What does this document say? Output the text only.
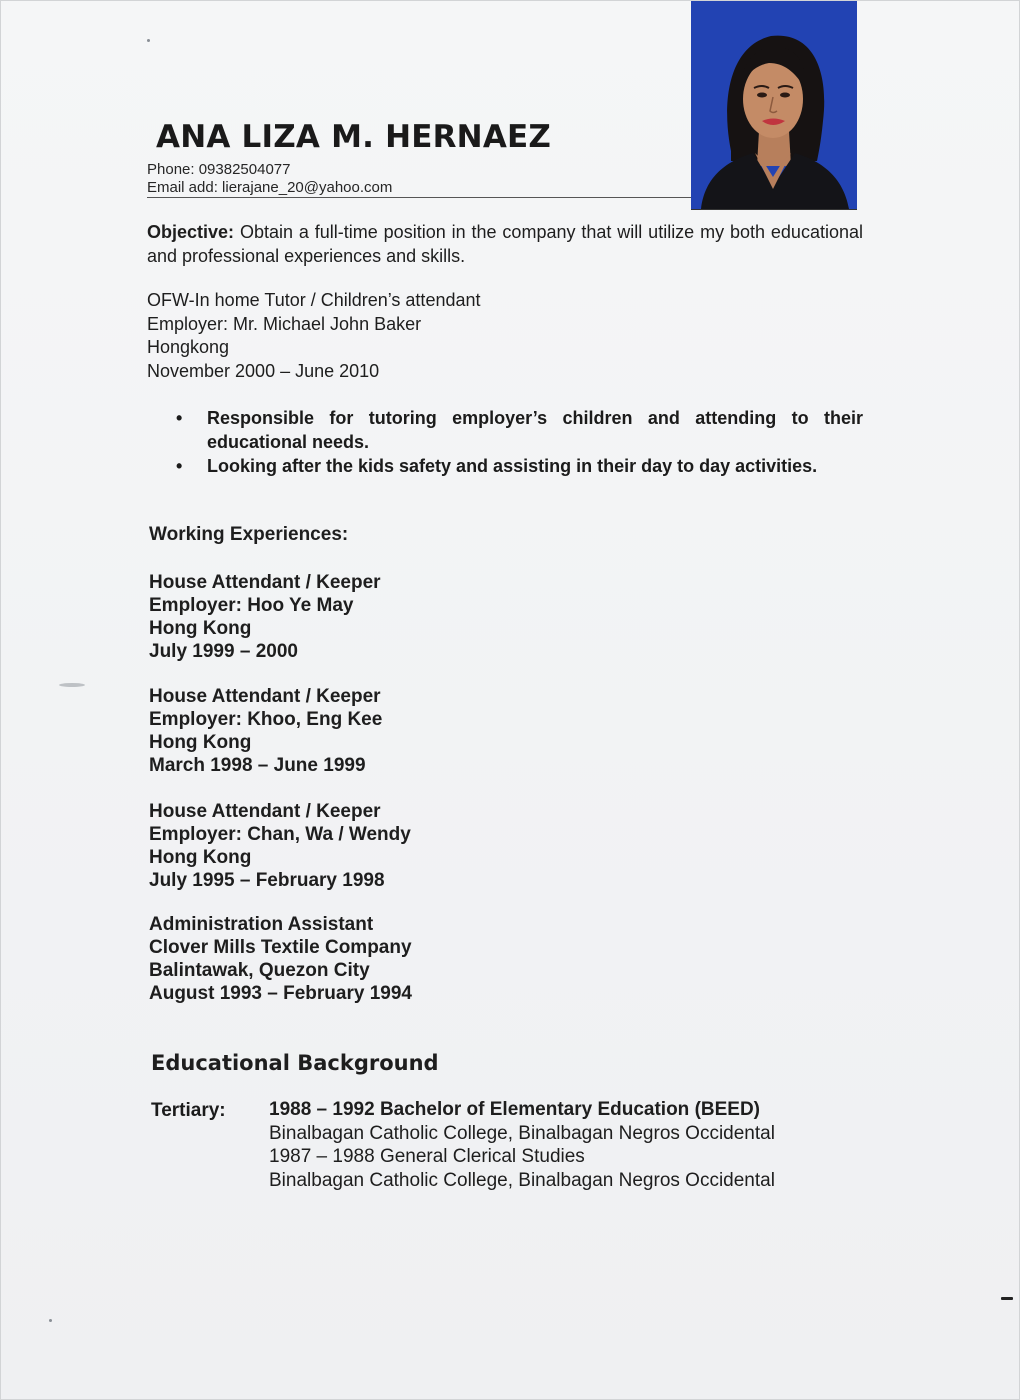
ANA LIZA M. HERNAEZ
Phone: 09382504077
Email add: lierajane_20@yahoo.com
Objective: Obtain a full-time position in the company that will utilize my both educational and professional experiences and skills.
OFW-In home Tutor / Children’s attendant
Employer: Mr. Michael John Baker
Hongkong
November 2000 – June 2010
• Responsible for tutoring employer’s children and attending to their educational needs.
• Looking after the kids safety and assisting in their day to day activities.
Working Experiences:
House Attendant / Keeper
Employer: Hoo Ye May
Hong Kong
July 1999 – 2000
House Attendant / Keeper
Employer: Khoo, Eng Kee
Hong Kong
March 1998 – June 1999
House Attendant / Keeper
Employer: Chan, Wa / Wendy
Hong Kong
July 1995 – February 1998
Administration Assistant
Clover Mills Textile Company
Balintawak, Quezon City
August 1993 – February 1994
Educational Background
Tertiary: 1988 – 1992 Bachelor of Elementary Education (BEED)
Binalbagan Catholic College, Binalbagan Negros Occidental
1987 – 1988 General Clerical Studies
Binalbagan Catholic College, Binalbagan Negros Occidental
